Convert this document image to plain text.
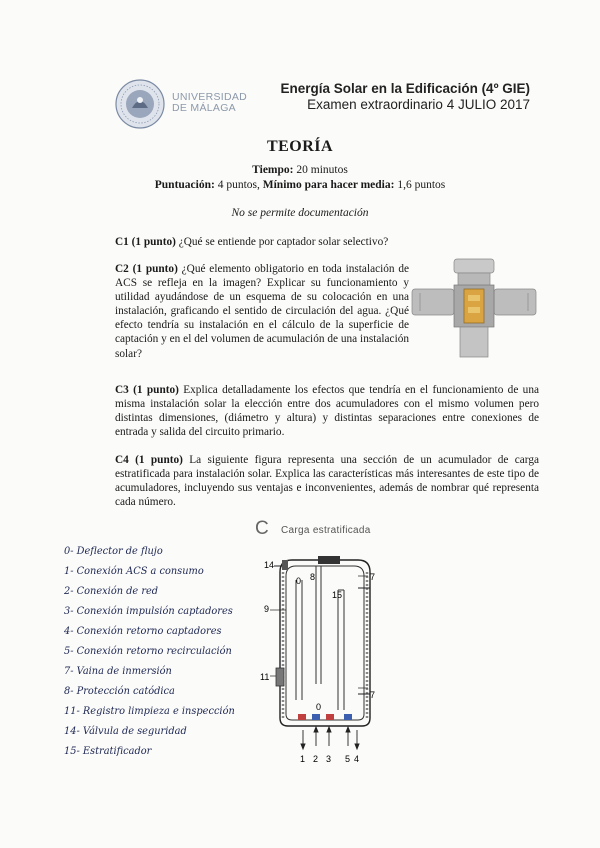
UNIVERSIDAD
DE MÁLAGA
Energía Solar en la Edificación (4º GIE)
Examen extraordinario 4 JULIO 2017
TEORÍA
Tiempo: 20 minutos
Puntuación: 4 puntos, Mínimo para hacer media: 1,6 puntos
No se permite documentación
C1 (1 punto) ¿Qué se entiende por captador solar selectivo?
C2 (1 punto) ¿Qué elemento obligatorio en toda instalación de ACS se refleja en la imagen? Explicar su funcionamiento y utilidad ayudándose de un esquema de su colocación en una instalación, graficando el sentido de circulación del agua. ¿Qué efecto tendría su instalación en el cálculo de la superficie de captación y en el del volumen de acumulación de una instalación solar?
C3 (1 punto) Explica detalladamente los efectos que tendría en el funcionamiento de una misma instalación solar la elección entre dos acumuladores con el mismo volumen pero distintas dimensiones, (diámetro y altura) y distintas separaciones entre conexiones de entrada y salida del circuito primario.
C4 (1 punto) La siguiente figura representa una sección de un acumulador de carga estratificada para instalación solar. Explica las características más interesantes de este tipo de acumuladores, incluyendo sus ventajas e inconvenientes, además de nombrar qué representa cada número.
C Carga estratificada
0- Deflector de flujo
1- Conexión ACS a consumo
2- Conexión de red
3- Conexión impulsión captadores
4- Conexión retorno captadores
5- Conexión retorno recirculación
7- Vaina de inmersión
8- Protección catódica
11- Registro limpieza e inspección
14- Válvula de seguridad
15- Estratificador
14
7
9
0 8
15
11
0
7
1 2 3 5 4
